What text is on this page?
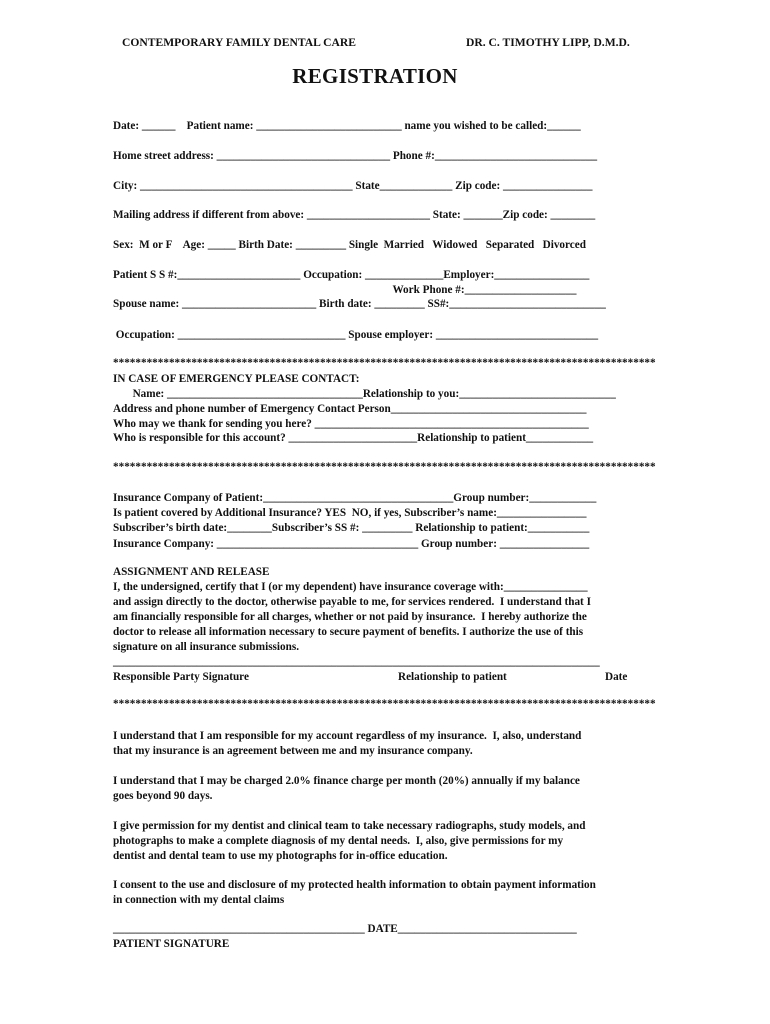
CONTEMPORARY FAMILY DENTAL CARE	DR. C. TIMOTHY LIPP, D.M.D.
REGISTRATION
Date: ______    Patient name: __________________________ name you wished to be called:______
Home street address: _______________________________ Phone #:_____________________________
City: ______________________________________ State_____________ Zip code: ________________
Mailing address if different from above: ______________________ State: _______Zip code: ________
Sex:  M or F    Age: _____ Birth Date: _________ Single  Married   Widowed   Separated   Divorced
Patient S S #:______________________ Occupation: ______________Employer:_________________
Work Phone #:____________________
Spouse name: ________________________ Birth date: _________ SS#:____________________________
Occupation: ______________________________ Spouse employer: _____________________________
*************************************************************************************************
IN CASE OF EMERGENCY PLEASE CONTACT:
Name: ___________________________________Relationship to you:____________________________
Address and phone number of Emergency Contact Person___________________________________
Who may we thank for sending you here? _________________________________________________
Who is responsible for this account? _______________________Relationship to patient____________
*************************************************************************************************
Insurance Company of Patient:__________________________________Group number:____________
Is patient covered by Additional Insurance? YES  NO, if yes, Subscriber’s name:________________
Subscriber’s birth date:________Subscriber’s SS #: _________ Relationship to patient:___________
Insurance Company: ____________________________________ Group number: ________________
ASSIGNMENT AND RELEASE
I, the undersigned, certify that I (or my dependent) have insurance coverage with:_______________
and assign directly to the doctor, otherwise payable to me, for services rendered.  I understand that I
am financially responsible for all charges, whether or not paid by insurance.  I hereby authorize the
doctor to release all information necessary to secure payment of benefits. I authorize the use of this
signature on all insurance submissions.
_______________________________________________________________________________________
Responsible Party Signature	Relationship to patient	Date
*************************************************************************************************
I understand that I am responsible for my account regardless of my insurance.  I, also, understand
that my insurance is an agreement between me and my insurance company.
I understand that I may be charged 2.0% finance charge per month (20%) annually if my balance
goes beyond 90 days.
I give permission for my dentist and clinical team to take necessary radiographs, study models, and
photographs to make a complete diagnosis of my dental needs.  I, also, give permissions for my
dentist and dental team to use my photographs for in-office education.
I consent to the use and disclosure of my protected health information to obtain payment information
in connection with my dental claims
_____________________________________________ DATE________________________________
PATIENT SIGNATURE
